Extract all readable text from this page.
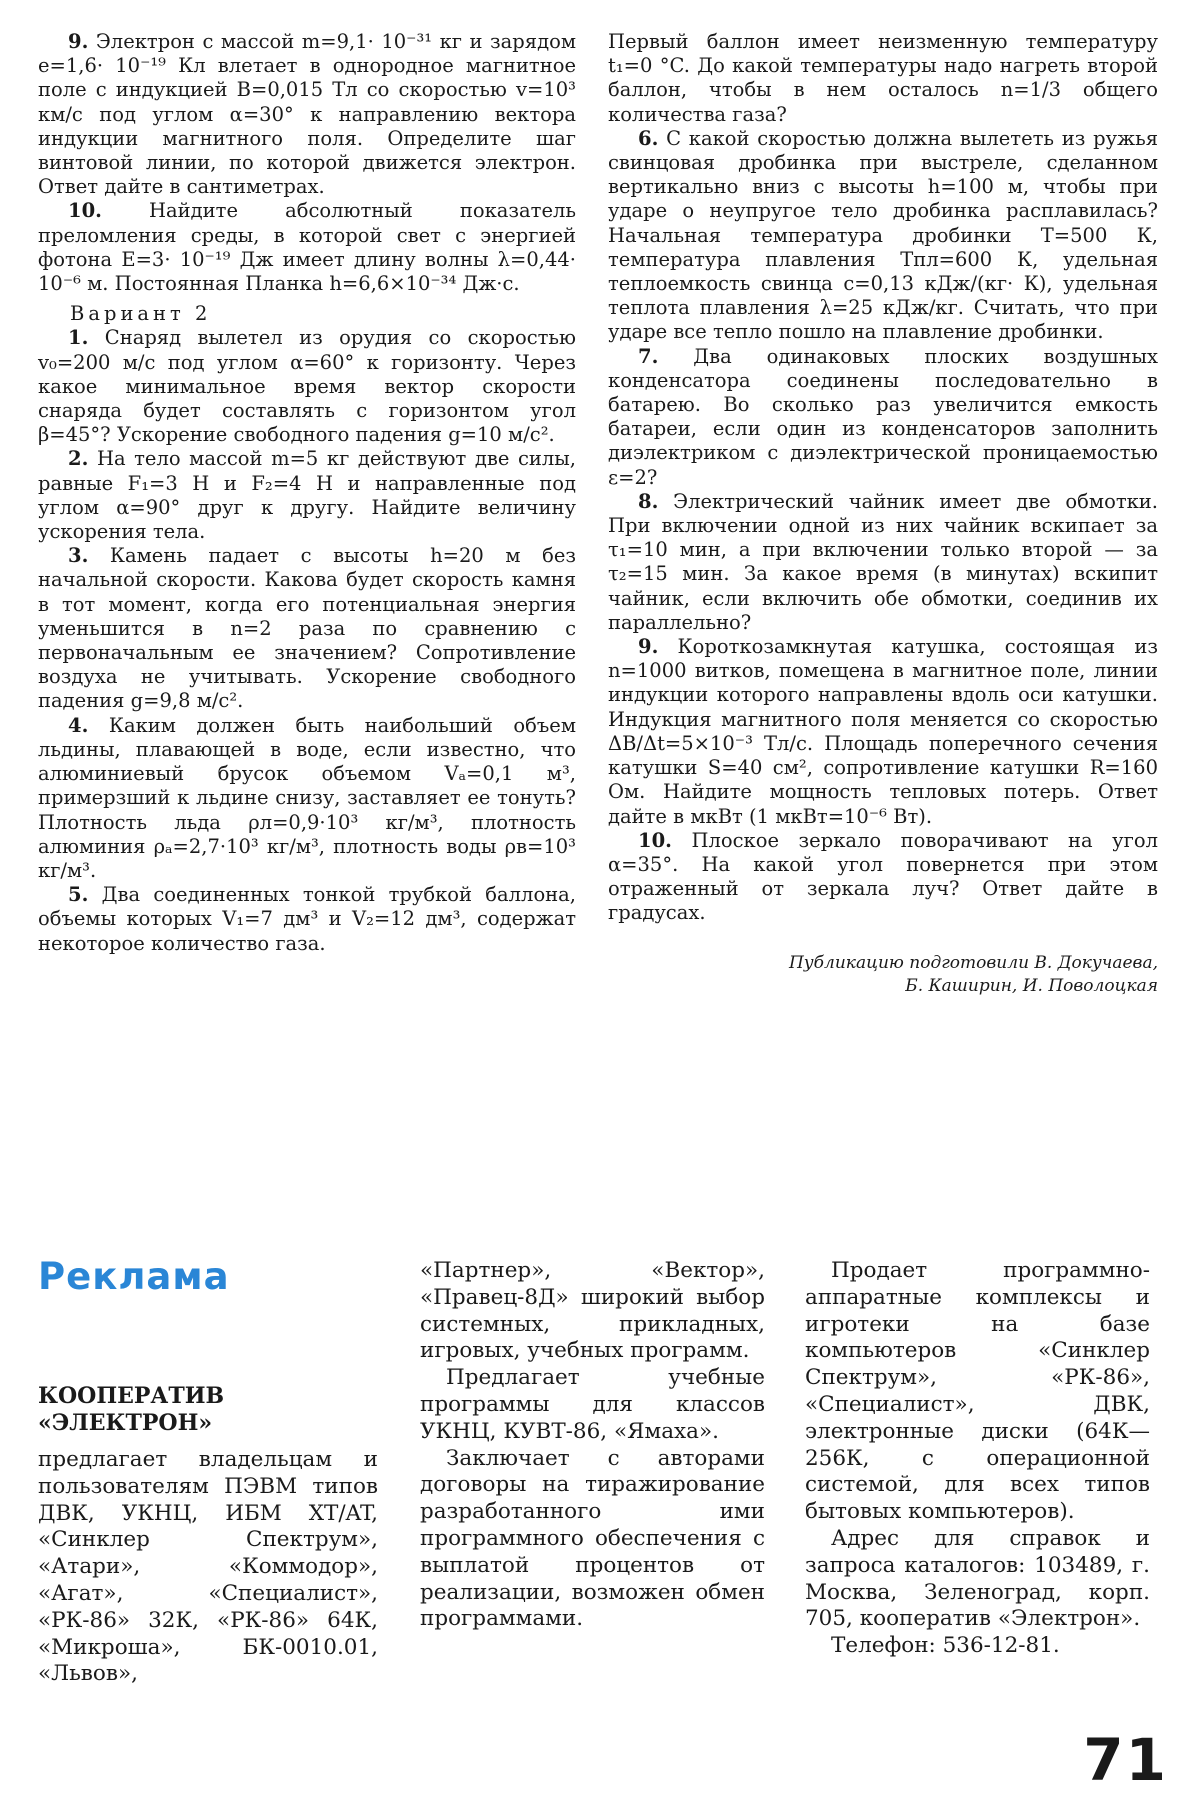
9. Электрон с массой m=9,1· 10⁻³¹ кг и зарядом e=1,6· 10⁻¹⁹ Кл влетает в однородное магнитное поле с индукцией B=0,015 Тл со скоростью v=10³ км/с под углом α=30° к направлению вектора индукции магнитного поля. Определите шаг винтовой линии, по которой движется электрон. Ответ дайте в сантиметрах.

10. Найдите абсолютный показатель преломления среды, в которой свет с энергией фотона E=3· 10⁻¹⁹ Дж имеет длину волны λ=0,44· 10⁻⁶ м. Постоянная Планка h=6,6×10⁻³⁴ Дж·с.

Вариант 2

1. Снаряд вылетел из орудия со скоростью v₀=200 м/с под углом α=60° к горизонту. Через какое минимальное время вектор скорости снаряда будет составлять с горизонтом угол β=45°? Ускорение свободного падения g=10 м/с².

2. На тело массой m=5 кг действуют две силы, равные F₁=3 Н и F₂=4 Н и направленные под углом α=90° друг к другу. Найдите величину ускорения тела.

3. Камень падает с высоты h=20 м без начальной скорости. Какова будет скорость камня в тот момент, когда его потенциальная энергия уменьшится в n=2 раза по сравнению с первоначальным ее значением? Сопротивление воздуха не учитывать. Ускорение свободного падения g=9,8 м/с².

4. Каким должен быть наибольший объем льдины, плавающей в воде, если известно, что алюминиевый брусок объемом Vₐ=0,1 м³, примерзший к льдине снизу, заставляет ее тонуть? Плотность льда ρл=0,9·10³ кг/м³, плотность алюминия ρₐ=2,7·10³ кг/м³, плотность воды ρв=10³ кг/м³.

5. Два соединенных тонкой трубкой баллона, объемы которых V₁=7 дм³ и V₂=12 дм³, содержат некоторое количество газа.

Первый баллон имеет неизменную температуру t₁=0 °C. До какой температуры надо нагреть второй баллон, чтобы в нем осталось n=1/3 общего количества газа?

6. С какой скоростью должна вылететь из ружья свинцовая дробинка при выстреле, сделанном вертикально вниз с высоты h=100 м, чтобы при ударе о неупругое тело дробинка расплавилась? Начальная температура дробинки T=500 К, температура плавления Tпл=600 К, удельная теплоемкость свинца c=0,13 кДж/(кг· К), удельная теплота плавления λ=25 кДж/кг. Считать, что при ударе все тепло пошло на плавление дробинки.

7. Два одинаковых плоских воздушных конденсатора соединены последовательно в батарею. Во сколько раз увеличится емкость батареи, если один из конденсаторов заполнить диэлектриком с диэлектрической проницаемостью ε=2?

8. Электрический чайник имеет две обмотки. При включении одной из них чайник вскипает за τ₁=10 мин, а при включении только второй — за τ₂=15 мин. За какое время (в минутах) вскипит чайник, если включить обе обмотки, соединив их параллельно?

9. Короткозамкнутая катушка, состоящая из n=1000 витков, помещена в магнитное поле, линии индукции которого направлены вдоль оси катушки. Индукция магнитного поля меняется со скоростью ΔB/Δt=5×10⁻³ Тл/с. Площадь поперечного сечения катушки S=40 см², сопротивление катушки R=160 Ом. Найдите мощность тепловых потерь. Ответ дайте в мкВт (1 мкВт=10⁻⁶ Вт).

10. Плоское зеркало поворачивают на угол α=35°. На какой угол повернется при этом отраженный от зеркала луч? Ответ дайте в градусах.

Публикацию подготовили В. Докучаева,
Б. Каширин, И. Поволоцкая
Реклама
КООПЕРАТИВ
«ЭЛЕКТРОН»

предлагает владельцам и пользователям ПЭВМ типов ДВК, УКНЦ, ИБМ XT/AT, «Синклер Спектрум», «Атари», «Коммодор», «Агат», «Специалист», «РК-86» 32К, «РК-86» 64К, «Микроша», БК-0010.01, «Львов»,

«Партнер», «Вектор», «Правец-8Д» широкий выбор системных, прикладных, игровых, учебных программ.

Предлагает учебные программы для классов УКНЦ, КУВТ-86, «Ямаха».

Заключает с авторами договоры на тиражирование разработанного ими программного обеспечения с выплатой процентов от реализации, возможен обмен программами.

Продает программно-аппаратные комплексы и игротеки на базе компьютеров «Синклер Спектрум», «РК-86», «Специалист», ДВК, электронные диски (64К—256К, с операционной системой, для всех типов бытовых компьютеров).

Адрес для справок и запроса каталогов: 103489, г. Москва, Зеленоград, корп. 705, кооператив «Электрон».

Телефон: 536-12-81.

71
